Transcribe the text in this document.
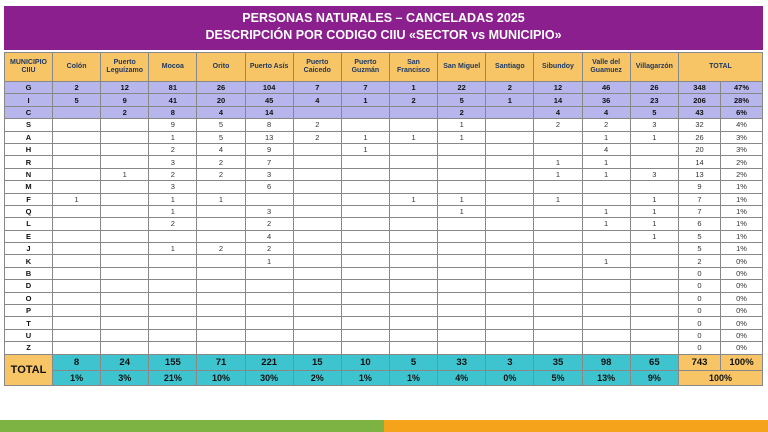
PERSONAS NATURALES – CANCELADAS 2025
DESCRIPCIÓN POR CODIGO CIIU «SECTOR vs MUNICIPIO»
MUNICIPIO CIIU	Colón	Puerto Leguízamo	Mocoa	Orito	Puerto Asís	Puerto Caicedo	Puerto Guzmán	San Francisco	San Miguel	Santiago	Sibundoy	Valle del Guamuez	Villagarzón	TOTAL	
G	2	12	81	26	104	7	7	1	22	2	12	46	26	348	47%
I	5	9	41	20	45	4	1	2	5	1	14	36	23	206	28%
C		2	8	4	14				2		4	4	5	43	6%
S			9	5	8	2			1		2	2	3	32	4%
A			1	5	13	2	1	1	1			1	1	26	3%
H			2	4	9		1					4		20	3%
R			3	2	7						1	1		14	2%
N		1	2	2	3						1	1	3	13	2%
M			3		6									9	1%
F	1		1	1				1	1		1		1	7	1%
Q			1		3				1			1	1	7	1%
L			2		2							1	1	6	1%
E					4								1	5	1%
J			1	2	2									5	1%
K					1							1		2	0%
B														0	0%
D														0	0%
O														0	0%
P														0	0%
T														0	0%
U														0	0%
Z														0	0%
TOTAL	8	24	155	71	221	15	10	5	33	3	35	98	65	743	100%
	1%	3%	21%	10%	30%	2%	1%	1%	4%	0%	5%	13%	9%	100%	
